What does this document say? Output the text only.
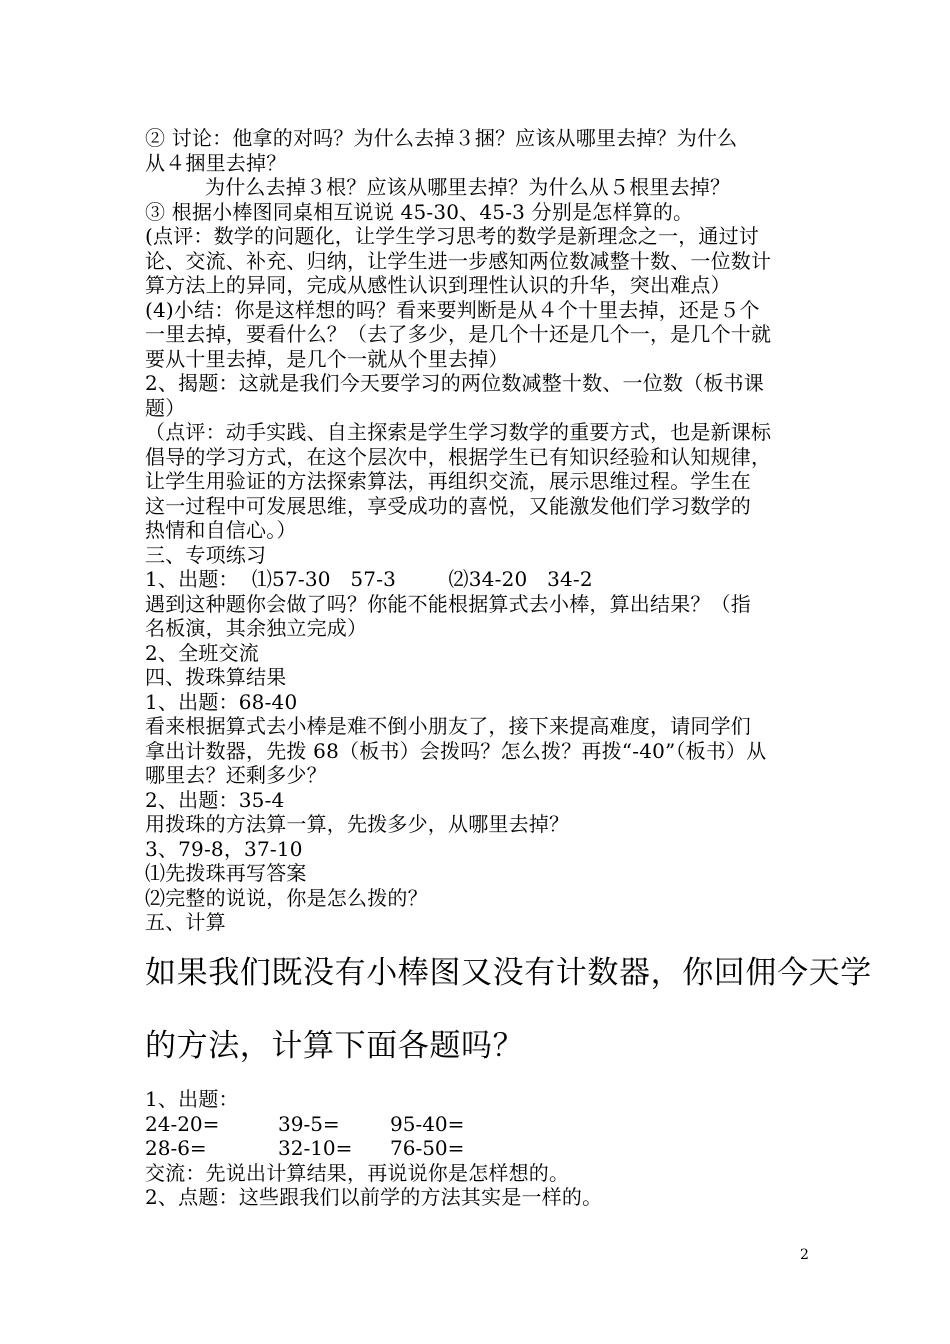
② 讨论：他拿的对吗？为什么去掉３捆？应该从哪里去掉？为什么
从４捆里去掉？
为什么去掉３根？应该从哪里去掉？为什么从５根里去掉？
③ 根据小棒图同桌相互说说 45-30、45-3 分别是怎样算的。
(点评：数学的问题化，让学生学习思考的数学是新理念之一，通过讨
论、交流、补充、归纳，让学生进一步感知两位数减整十数、一位数计
算方法上的异同，完成从感性认识到理性认识的升华，突出难点）
(4)小结：你是这样想的吗？看来要判断是从４个十里去掉，还是５个
一里去掉，要看什么？（去了多少，是几个十还是几个一，是几个十就
要从十里去掉，是几个一就从个里去掉）
2、揭题：这就是我们今天要学习的两位数减整十数、一位数（板书课
题）
（点评：动手实践、自主探索是学生学习数学的重要方式，也是新课标
倡导的学习方式，在这个层次中，根据学生已有知识经验和认知规律，
让学生用验证的方法探索算法，再组织交流，展示思维过程。学生在
这一过程中可发展思维，享受成功的喜悦，又能激发他们学习数学的
热情和自信心。）
三、专项练习
1、出题：  ⑴57-30   57-3        ⑵34-20   34-2
遇到这种题你会做了吗？你能不能根据算式去小棒，算出结果？（指
名板演，其余独立完成）
2、全班交流
四、拨珠算结果
1、出题：68-40
看来根据算式去小棒是难不倒小朋友了，接下来提高难度，请同学们
拿出计数器，先拨 68（板书）会拨吗？怎么拨？再拨“-40”（板书）从
哪里去？还剩多少？
2、出题：35-4
用拨珠的方法算一算，先拨多少，从哪里去掉？
3、79-8，37-10
⑴先拨珠再写答案
⑵完整的说说，你是怎么拨的？
五、计算
如果我们既没有小棒图又没有计数器，你回佣今天学
的方法，计算下面各题吗？
1、出题：
24-20=	39-5=	95-40=
28-6=	32-10= 76-50=
交流：先说出计算结果，再说说你是怎样想的。
2、点题：这些跟我们以前学的方法其实是一样的。
2
